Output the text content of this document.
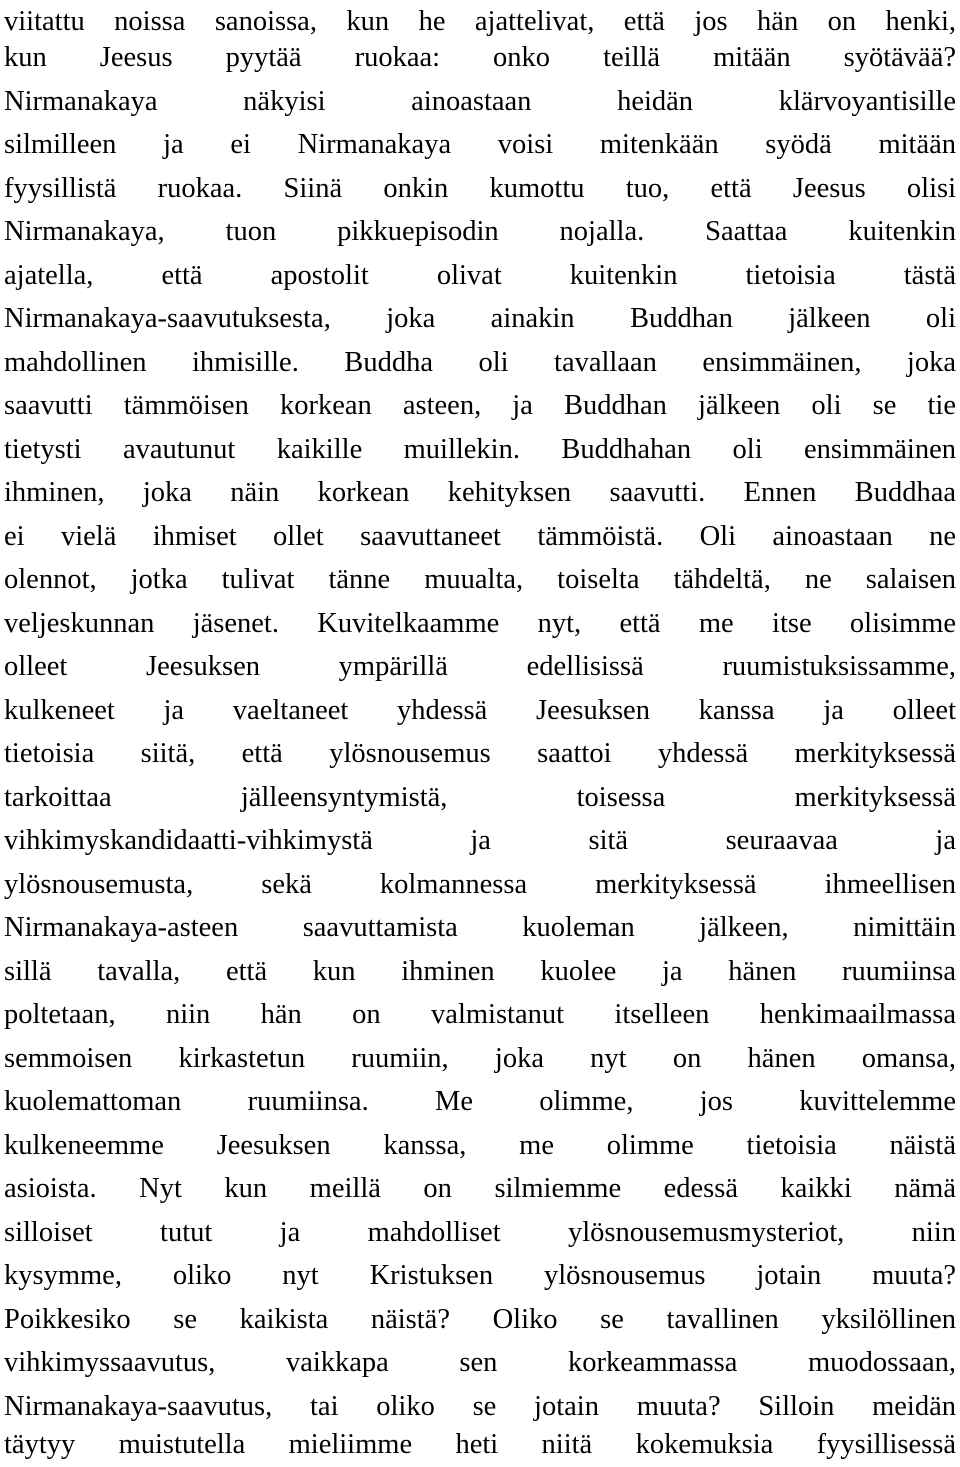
viitattu noissa sanoissa, kun he ajattelivat, että jos hän on henki,
kun Jeesus pyytää ruokaa: onko teillä mitään syötävää?
Nirmanakaya näkyisi ainoastaan heidän klärvoyantisille
silmilleen ja ei Nirmanakaya voisi mitenkään syödä mitään
fyysillistä ruokaa. Siinä onkin kumottu tuo, että Jeesus olisi
Nirmanakaya, tuon pikkuepisodin nojalla. Saattaa kuitenkin
ajatella, että apostolit olivat kuitenkin tietoisia tästä
Nirmanakaya-saavutuksesta, joka ainakin Buddhan jälkeen oli
mahdollinen ihmisille. Buddha oli tavallaan ensimmäinen, joka
saavutti tämmöisen korkean asteen, ja Buddhan jälkeen oli se tie
tietysti avautunut kaikille muillekin. Buddhahan oli ensimmäinen
ihminen, joka näin korkean kehityksen saavutti. Ennen Buddhaa
ei vielä ihmiset ollet saavuttaneet tämmöistä. Oli ainoastaan ne
olennot, jotka tulivat tänne muualta, toiselta tähdeltä, ne salaisen
veljeskunnan jäsenet. Kuvitelkaamme nyt, että me itse olisimme
olleet Jeesuksen ympärillä edellisissä ruumistuksissamme,
kulkeneet ja vaeltaneet yhdessä Jeesuksen kanssa ja olleet
tietoisia siitä, että ylösnousemus saattoi yhdessä merkityksessä
tarkoittaa jälleensyntymistä, toisessa merkityksessä
vihkimyskandidaatti-vihkimystä ja sitä seuraavaa ja
ylösnousemusta, sekä kolmannessa merkityksessä ihmeellisen
Nirmanakaya-asteen saavuttamista kuoleman jälkeen, nimittäin
sillä tavalla, että kun ihminen kuolee ja hänen ruumiinsa
poltetaan, niin hän on valmistanut itselleen henkimaailmassa
semmoisen kirkastetun ruumiin, joka nyt on hänen omansa,
kuolemattoman ruumiinsa. Me olimme, jos kuvittelemme
kulkeneemme Jeesuksen kanssa, me olimme tietoisia näistä
asioista. Nyt kun meillä on silmiemme edessä kaikki nämä
silloiset tutut ja mahdolliset ylösnousemusmysteriot, niin
kysymme, oliko nyt Kristuksen ylösnousemus jotain muuta?
Poikkesiko se kaikista näistä? Oliko se tavallinen yksilöllinen
vihkimyssaavutus, vaikkapa sen korkeammassa muodossaan,
Nirmanakaya-saavutus, tai oliko se jotain muuta? Silloin meidän
täytyy muistutella mieliimme heti niitä kokemuksia fyysillisessä
